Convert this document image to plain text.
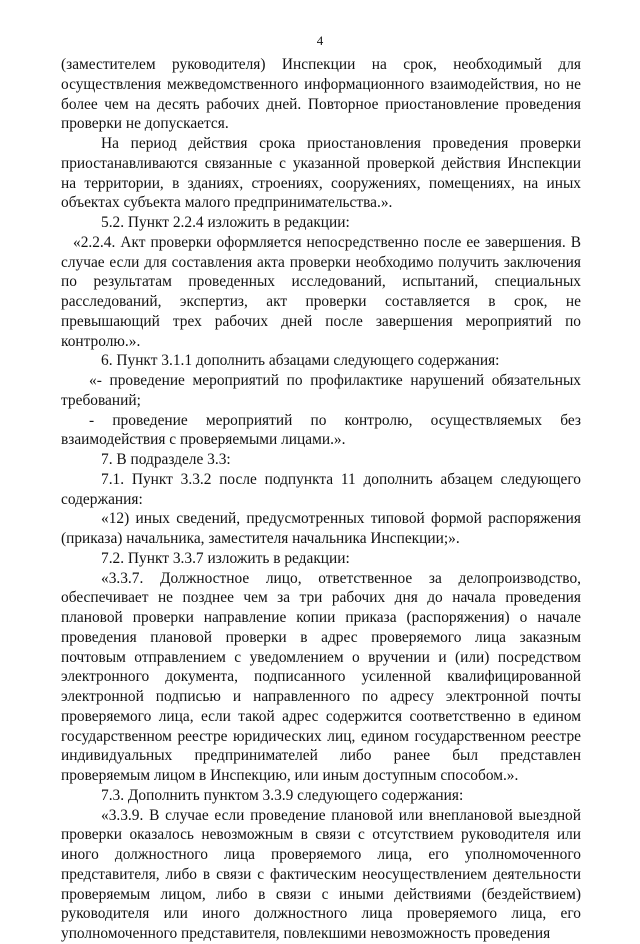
4

(заместителем руководителя) Инспекции на срок, необходимый для осуществления межведомственного информационного взаимодействия, но не более чем на десять рабочих дней. Повторное приостановление проведения проверки не допускается.

На период действия срока приостановления проведения проверки приостанавливаются связанные с указанной проверкой действия Инспекции на территории, в зданиях, строениях, сооружениях, помещениях, на иных объектах субъекта малого предпринимательства.».

5.2. Пункт 2.2.4 изложить в редакции:

«2.2.4. Акт проверки оформляется непосредственно после ее завершения. В случае если для составления акта проверки необходимо получить заключения по результатам проведенных исследований, испытаний, специальных расследований, экспертиз, акт проверки составляется в срок, не превышающий трех рабочих дней после завершения мероприятий по контролю.».

6. Пункт 3.1.1 дополнить абзацами следующего содержания:

«- проведение мероприятий по профилактике нарушений обязательных требований;

- проведение мероприятий по контролю, осуществляемых без взаимодействия с проверяемыми лицами.».

7. В подразделе 3.3:

7.1. Пункт 3.3.2 после подпункта 11 дополнить абзацем следующего содержания:

«12) иных сведений, предусмотренных типовой формой распоряжения (приказа) начальника, заместителя начальника Инспекции;».

7.2. Пункт 3.3.7 изложить в редакции:

«3.3.7. Должностное лицо, ответственное за делопроизводство, обеспечивает не позднее чем за три рабочих дня до начала проведения плановой проверки направление копии приказа (распоряжения) о начале проведения плановой проверки в адрес проверяемого лица заказным почтовым отправлением с уведомлением о вручении и (или) посредством электронного документа, подписанного усиленной квалифицированной электронной подписью и направленного по адресу электронной почты проверяемого лица, если такой адрес содержится соответственно в едином государственном реестре юридических лиц, едином государственном реестре индивидуальных предпринимателей либо ранее был представлен проверяемым лицом в Инспекцию, или иным доступным способом.».

7.3. Дополнить пунктом 3.3.9 следующего содержания:

«3.3.9. В случае если проведение плановой или внеплановой выездной проверки оказалось невозможным в связи с отсутствием руководителя или иного должностного лица проверяемого лица, его уполномоченного представителя, либо в связи с фактическим неосуществлением деятельности проверяемым лицом, либо в связи с иными действиями (бездействием) руководителя или иного должностного лица проверяемого лица, его уполномоченного представителя, повлекшими невозможность проведения
